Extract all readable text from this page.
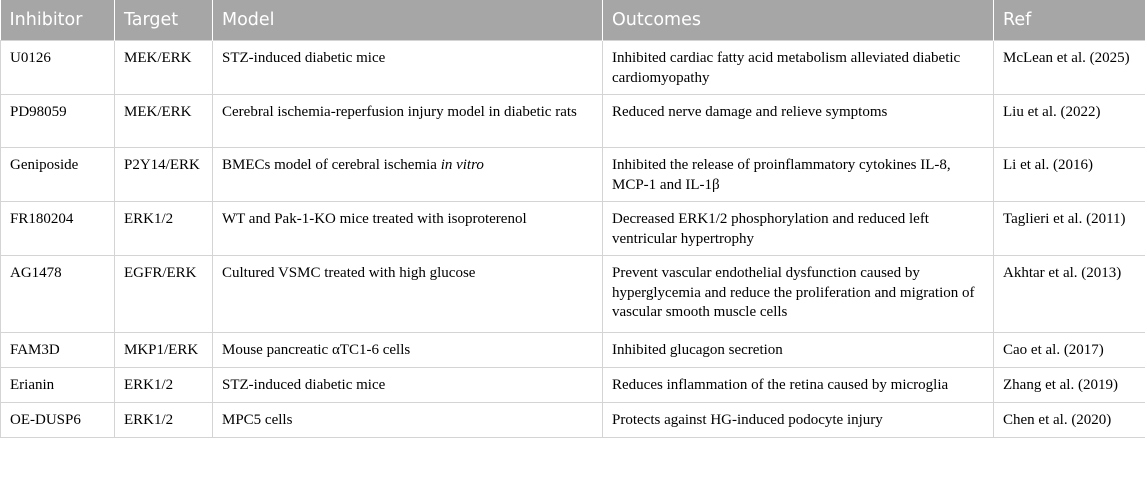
Inhibitor	Target	Model	Outcomes	Ref
U0126	MEK/ERK	STZ-induced diabetic mice	Inhibited cardiac fatty acid metabolism alleviated diabetic cardiomyopathy	McLean et al. (2025)
PD98059	MEK/ERK	Cerebral ischemia-reperfusion injury model in diabetic rats	Reduced nerve damage and relieve symptoms	Liu et al. (2022)
Geniposide	P2Y14/ERK	BMECs model of cerebral ischemia in vitro	Inhibited the release of proinflammatory cytokines IL-8, MCP-1 and IL-1β	Li et al. (2016)
FR180204	ERK1/2	WT and Pak-1-KO mice treated with isoproterenol	Decreased ERK1/2 phosphorylation and reduced left ventricular hypertrophy	Taglieri et al. (2011)
AG1478	EGFR/ERK	Cultured VSMC treated with high glucose	Prevent vascular endothelial dysfunction caused by hyperglycemia and reduce the proliferation and migration of vascular smooth muscle cells	Akhtar et al. (2013)
FAM3D	MKP1/ERK	Mouse pancreatic αTC1-6 cells	Inhibited glucagon secretion	Cao et al. (2017)
Erianin	ERK1/2	STZ-induced diabetic mice	Reduces inflammation of the retina caused by microglia	Zhang et al. (2019)
OE-DUSP6	ERK1/2	MPC5 cells	Protects against HG-induced podocyte injury	Chen et al. (2020)
